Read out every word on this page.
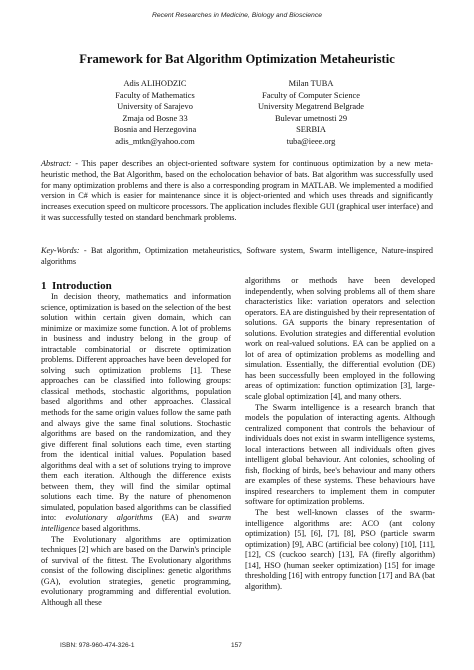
Recent Researches in Medicine, Biology and Bioscience
Framework for Bat Algorithm Optimization Metaheuristic
Adis ALIHODZIC
Faculty of Mathematics
University of Sarajevo
Zmaja od Bosne 33
Bosnia and Herzegovina
adis_mtkn@yahoo.com
Milan TUBA
Faculty of Computer Science
University Megatrend Belgrade
Bulevar umetnosti 29
SERBIA
tuba@ieee.org
Abstract: - This paper describes an object-oriented software system for continuous optimization by a new meta-heuristic method, the Bat Algorithm, based on the echolocation behavior of bats. Bat algorithm was successfully used for many optimization problems and there is also a corresponding program in MATLAB. We implemented a modified version in C# which is easier for maintenance since it is object-oriented and which uses threads and significantly increases execution speed on multicore processors. The application includes flexible GUI (graphical user interface) and it was successfully tested on standard benchmark problems.
Key-Words: - Bat algorithm, Optimization metaheuristics, Software system, Swarm intelligence, Nature-inspired algorithms
1 Introduction

In decision theory, mathematics and information science, optimization is based on the selection of the best solution within certain given domain, which can minimize or maximize some function. A lot of problems in business and industry belong in the group of intractable combinatorial or discrete optimization problems. Different approaches have been developed for solving such optimization problems [1]. These approaches can be classified into following groups: classical methods, stochastic algorithms, population based algorithms and other approaches. Classical methods for the same origin values follow the same path and always give the same final solutions. Stochastic algorithms are based on the randomization, and they give different final solutions each time, even starting from the identical initial values. Population based algorithms deal with a set of solutions trying to improve them each iteration. Although the difference exists between them, they will find the similar optimal solutions each time. By the nature of phenomenon simulated, population based algorithms can be classified into: evolutionary algorithms (EA) and swarm intelligence based algorithms.

The Evolutionary algorithms are optimization techniques [2] which are based on the Darwin's principle of survival of the fittest. The Evolutionary algorithms consist of the following disciplines: genetic algorithms (GA), evolution strategies, genetic programming, evolutionary programming and differential evolution. Although all these

algorithms or methods have been developed independently, when solving problems all of them share characteristics like: variation operators and selection operators. EA are distinguished by their representation of solutions. GA supports the binary representation of solutions. Evolution strategies and differential evolution work on real-valued solutions. EA can be applied on a lot of area of optimization problems as modelling and simulation. Essentially, the differential evolution (DE) has been successfully been employed in the following areas of optimization: function optimization [3], large-scale global optimization [4], and many others.

The Swarm intelligence is a research branch that models the population of interacting agents. Although centralized component that controls the behaviour of individuals does not exist in swarm intelligence systems, local interactions between all individuals often gives intelligent global behaviour. Ant colonies, schooling of fish, flocking of birds, bee's behaviour and many others are examples of these systems. These behaviours have inspired researchers to implement them in computer software for optimization problems.

The best well-known classes of the swarm-intelligence algorithms are: ACO (ant colony optimization) [5], [6], [7], [8], PSO (particle swarm optimization) [9], ABC (artificial bee colony) [10], [11], [12], CS (cuckoo search) [13], FA (firefly algorithm) [14], HSO (human seeker optimization) [15] for image thresholding [16] with entropy function [17] and BA (bat algorithm).

ISBN: 978-960-474-326-1	157
